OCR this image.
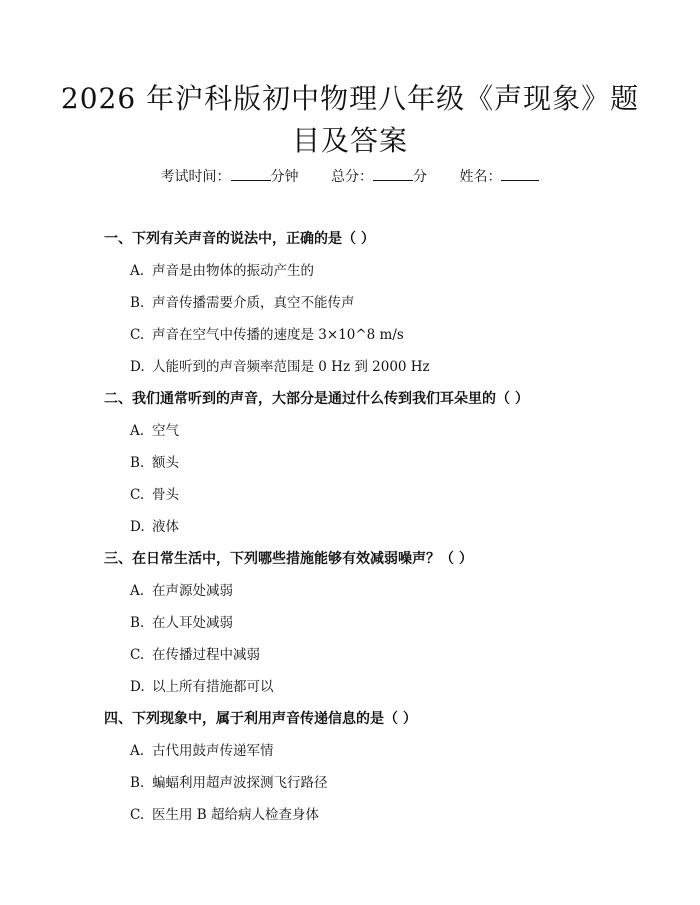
2026 年沪科版初中物理八年级《声现象》题目及答案
考试时间：	分钟 总分：	分 姓名：
一、下列有关声音的说法中，正确的是（ ）
A. 声音是由物体的振动产生的
B. 声音传播需要介质，真空不能传声
C. 声音在空气中传播的速度是 3×10^8 m/s
D. 人能听到的声音频率范围是 0 Hz 到 2000 Hz
二、我们通常听到的声音，大部分是通过什么传到我们耳朵里的（ ）
A. 空气
B. 额头
C. 骨头
D. 液体
三、在日常生活中，下列哪些措施能够有效减弱噪声？（ ）
A. 在声源处减弱
B. 在人耳处减弱
C. 在传播过程中减弱
D. 以上所有措施都可以
四、下列现象中，属于利用声音传递信息的是（ ）
A. 古代用鼓声传递军情
B. 蝙蝠利用超声波探测飞行路径
C. 医生用 B 超给病人检查身体
